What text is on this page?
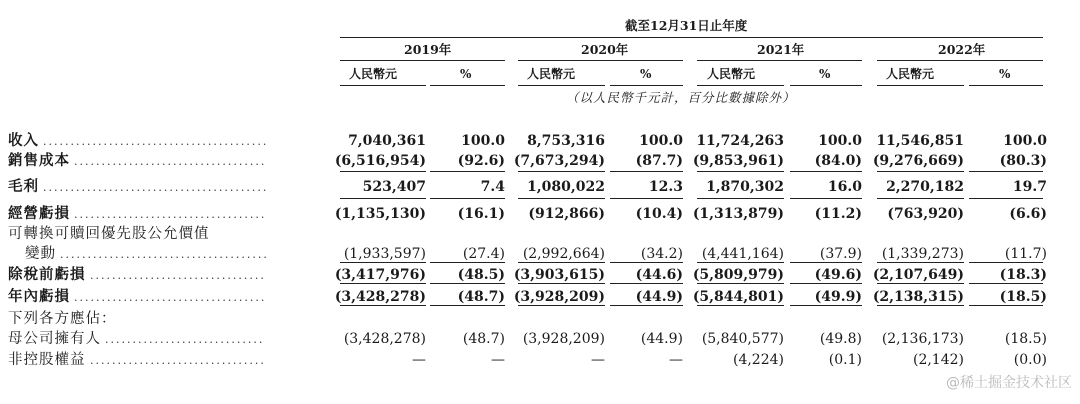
截至12月31日止年度
2019年	2020年	2021年	2022年
人民幣元	%	人民幣元	%	人民幣元	%	人民幣元	%
（以人民幣千元計，百分比數據除外）
收入 .........................................	7,040,361	100.0 8,753,316 100.0 11,724,263 100.0 11,546,851	100.0
銷售成本 ...................................	(6,516,954) (92.6) (7,673,294) (87.7) (9,853,961) (84.0) (9,276,669)	(80.3)
毛利 .........................................	523,407	7.4 1,080,022	12.3 1,870,302	16.0 2,270,182	19.7
經營虧損 ...................................	(1,135,130) (16.1) (912,866) (10.4) (1,313,879) (11.2) (763,920)	(6.6)
可轉換可贖回優先股公允價值
變動 ......................................	(1,933,597)	(27.4) (2,992,664)	(34.2) (4,441,164)	(37.9) (1,339,273)	(11.7)
除稅前虧損 ................................	(3,417,976) (48.5) (3,903,615) (44.6) (5,809,979) (49.6) (2,107,649)	(18.3)
年內虧損 ...................................	(3,428,278) (48.7) (3,928,209) (44.9) (5,844,801) (49.9) (2,138,315)	(18.5)
下列各方應佔：
母公司擁有人 .............................	(3,428,278)	(48.7) (3,928,209)	(44.9) (5,840,577)	(49.8) (2,136,173)	(18.5)
非控股權益 ................................	—	—	—	—	(4,224)	(0.1)	(2,142)	(0.0)
@稀土掘金技术社区
